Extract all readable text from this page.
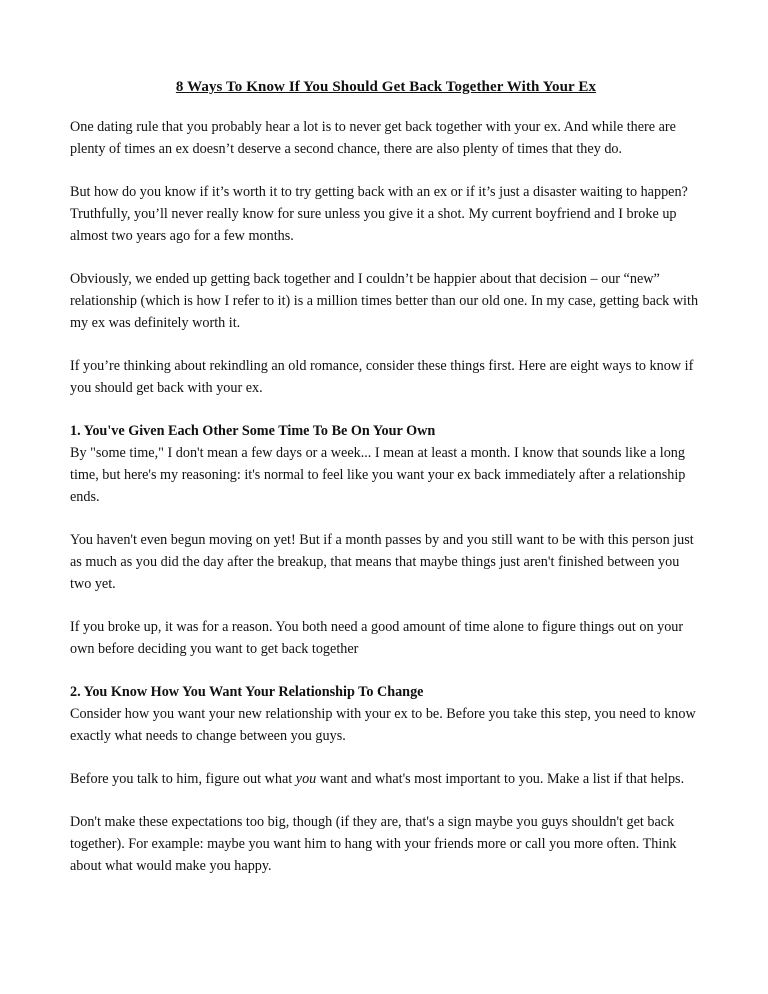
8 Ways To Know If You Should Get Back Together With Your Ex

One dating rule that you probably hear a lot is to never get back together with your ex. And while there are plenty of times an ex doesn’t deserve a second chance, there are also plenty of times that they do.

But how do you know if it’s worth it to try getting back with an ex or if it’s just a disaster waiting to happen? Truthfully, you’ll never really know for sure unless you give it a shot. My current boyfriend and I broke up almost two years ago for a few months.

Obviously, we ended up getting back together and I couldn’t be happier about that decision – our “new” relationship (which is how I refer to it) is a million times better than our old one. In my case, getting back with my ex was definitely worth it.

If you’re thinking about rekindling an old romance, consider these things first. Here are eight ways to know if you should get back with your ex.

1. You've Given Each Other Some Time To Be On Your Own
By "some time," I don't mean a few days or a week... I mean at least a month. I know that sounds like a long time, but here's my reasoning: it's normal to feel like you want your ex back immediately after a relationship ends.

You haven't even begun moving on yet! But if a month passes by and you still want to be with this person just as much as you did the day after the breakup, that means that maybe things just aren't finished between you two yet.

If you broke up, it was for a reason. You both need a good amount of time alone to figure things out on your own before deciding you want to get back together

2. You Know How You Want Your Relationship To Change
Consider how you want your new relationship with your ex to be. Before you take this step, you need to know exactly what needs to change between you guys.

Before you talk to him, figure out what you want and what's most important to you. Make a list if that helps.

Don't make these expectations too big, though (if they are, that's a sign maybe you guys shouldn't get back together). For example: maybe you want him to hang with your friends more or call you more often. Think about what would make you happy.
